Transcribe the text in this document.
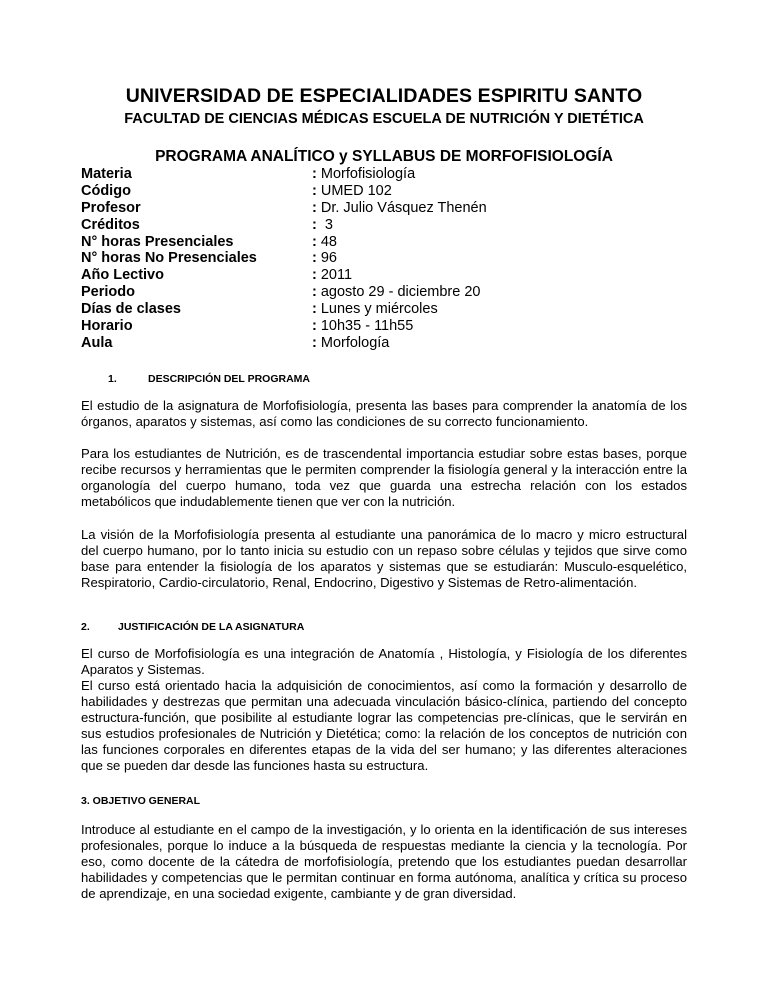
UNIVERSIDAD DE ESPECIALIDADES ESPIRITU SANTO
FACULTAD DE CIENCIAS MÉDICAS ESCUELA DE NUTRICIÓN Y DIETÉTICA
PROGRAMA ANALÍTICO y SYLLABUS DE MORFOFISIOLOGÍA
Materia	: Morfofisiología
Código	: UMED 102
Profesor	: Dr. Julio Vásquez Thenén
Créditos	:  3
N° horas Presenciales	: 48
N° horas No Presenciales	: 96
Año Lectivo	: 2011
Periodo	: agosto 29 - diciembre 20
Días de clases	: Lunes y miércoles
Horario	: 10h35 - 11h55
Aula	: Morfología
1.	DESCRIPCIÓN DEL PROGRAMA

El estudio de la asignatura de Morfofisiología, presenta las bases para comprender la anatomía de los órganos, aparatos y sistemas, así como las condiciones de su correcto funcionamiento.

Para los estudiantes de Nutrición, es de trascendental importancia estudiar sobre estas bases, porque recibe recursos y herramientas que le permiten comprender la fisiología general y la interacción entre la organología del cuerpo humano, toda vez que guarda una estrecha relación con los estados metabólicos que indudablemente tienen que ver con la nutrición.

La visión de la Morfofisiología presenta al estudiante una panorámica de lo macro y micro estructural del cuerpo humano, por lo tanto inicia su estudio con un repaso sobre células y tejidos que sirve como base para entender la fisiología de los aparatos y sistemas que se estudiarán: Musculo-esquelético, Respiratorio, Cardio-circulatorio, Renal, Endocrino, Digestivo y Sistemas de Retro-alimentación.

2.	JUSTIFICACIÓN DE LA ASIGNATURA

El curso de Morfofisiología es una integración de Anatomía , Histología, y Fisiología de los diferentes Aparatos y Sistemas.

El curso está orientado hacia la adquisición de conocimientos, así como la formación y desarrollo de habilidades y destrezas que permitan una adecuada vinculación básico-clínica, partiendo del concepto estructura-función, que posibilite al estudiante lograr las competencias pre-clínicas, que le servirán en sus estudios profesionales de Nutrición y Dietética; como: la relación de los conceptos de nutrición con las funciones corporales en diferentes etapas de la vida del ser humano; y las diferentes alteraciones que se pueden dar desde las funciones hasta su estructura.

3. OBJETIVO GENERAL

Introduce al estudiante en el campo de la investigación, y lo orienta en la identificación de sus intereses profesionales, porque lo induce a la búsqueda de respuestas mediante la ciencia y la tecnología. Por eso, como docente de la cátedra de morfofisiología, pretendo que los estudiantes puedan desarrollar habilidades y competencias que le permitan continuar en forma autónoma, analítica y crítica su proceso de aprendizaje, en una sociedad exigente, cambiante y de gran diversidad.
